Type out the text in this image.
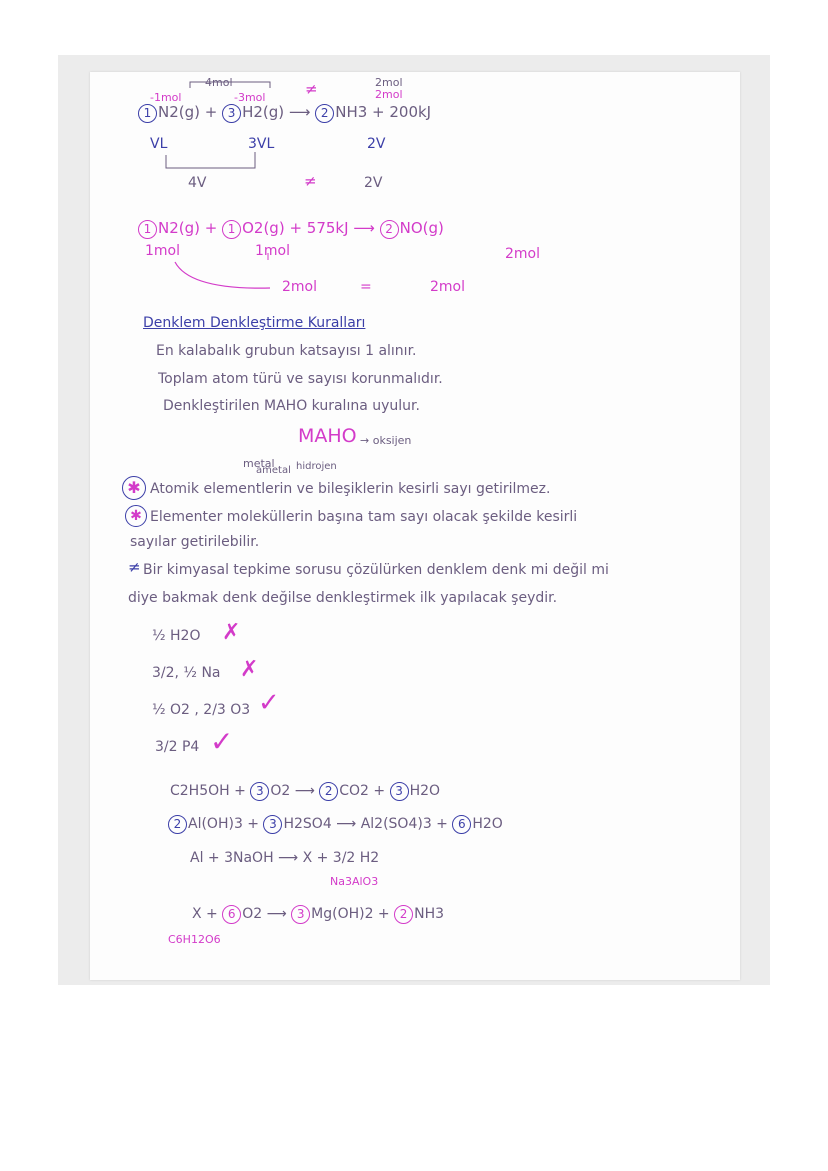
4mol
-1mol	-3mol	≠	2mol
2mol
1 N2(g) + 3 H2(g) ⟶ 2 NH3 + 200kJ
VL	3VL	2V
4V	≠	2V
1 N2(g) + 1 O2(g) + 575kJ ⟶ 2 NO(g)
1mol	1mol	2mol
2mol	=	2mol
Denklem Denkleştirme Kuralları
En kalabalık grubun katsayısı 1 alınır.
Toplam atom türü ve sayısı korunmalıdır.
Denkleştirilen MAHO kuralına uyulur.
MAHO → oksijen
metal
ametal hidrojen
✱ Atomik elementlerin ve bileşiklerin kesirli sayı getirilmez.
✱ Elementer moleküllerin başına tam sayı olacak şekilde kesirli
sayılar getirilebilir.
≠ Bir kimyasal tepkime sorusu çözülürken denklem denk mi değil mi
diye bakmak denk değilse denkleştirmek ilk yapılacak şeydir.
½ H2O ✗
3/2, ½ Na ✗
½ O2 , 2/3 O3 ✓
3/2 P4 ✓
C2H5OH + 3 O2 ⟶ 2 CO2 + 3 H2O
2 Al(OH)3 + 3 H2SO4 ⟶ Al2(SO4)3 + 6 H2O
Al + 3NaOH ⟶ X + 3/2 H2
Na3AlO3
X + 6 O2 ⟶ 3 Mg(OH)2 + 2 NH3
C6H12O6
